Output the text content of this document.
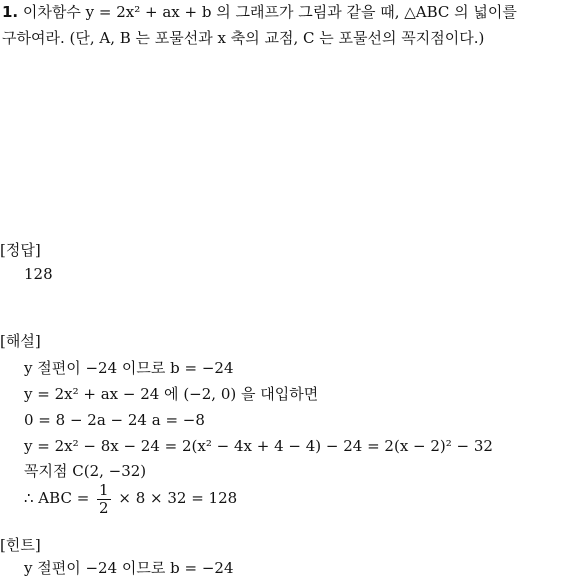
1. 이차함수 y = 2x² + ax + b 의 그래프가 그림과 같을 때, △ABC 의 넓이를
구하여라. (단, A, B 는 포물선과 x 축의 교점, C 는 포물선의 꼭지점이다.)
[정답]
128
[해설]
y 절편이 −24 이므로 b = −24
y = 2x² + ax − 24 에 (−2, 0) 을 대입하면
0 = 8 − 2a − 24 a = −8
y = 2x² − 8x − 24 = 2(x² − 4x + 4 − 4) − 24 = 2(x − 2)² − 32
꼭지점 C(2, −32)
∴ ABC = $\frac{1}{2} \times 8 \times 32 = 128$
[힌트]
y 절편이 −24 이므로 b = −24
